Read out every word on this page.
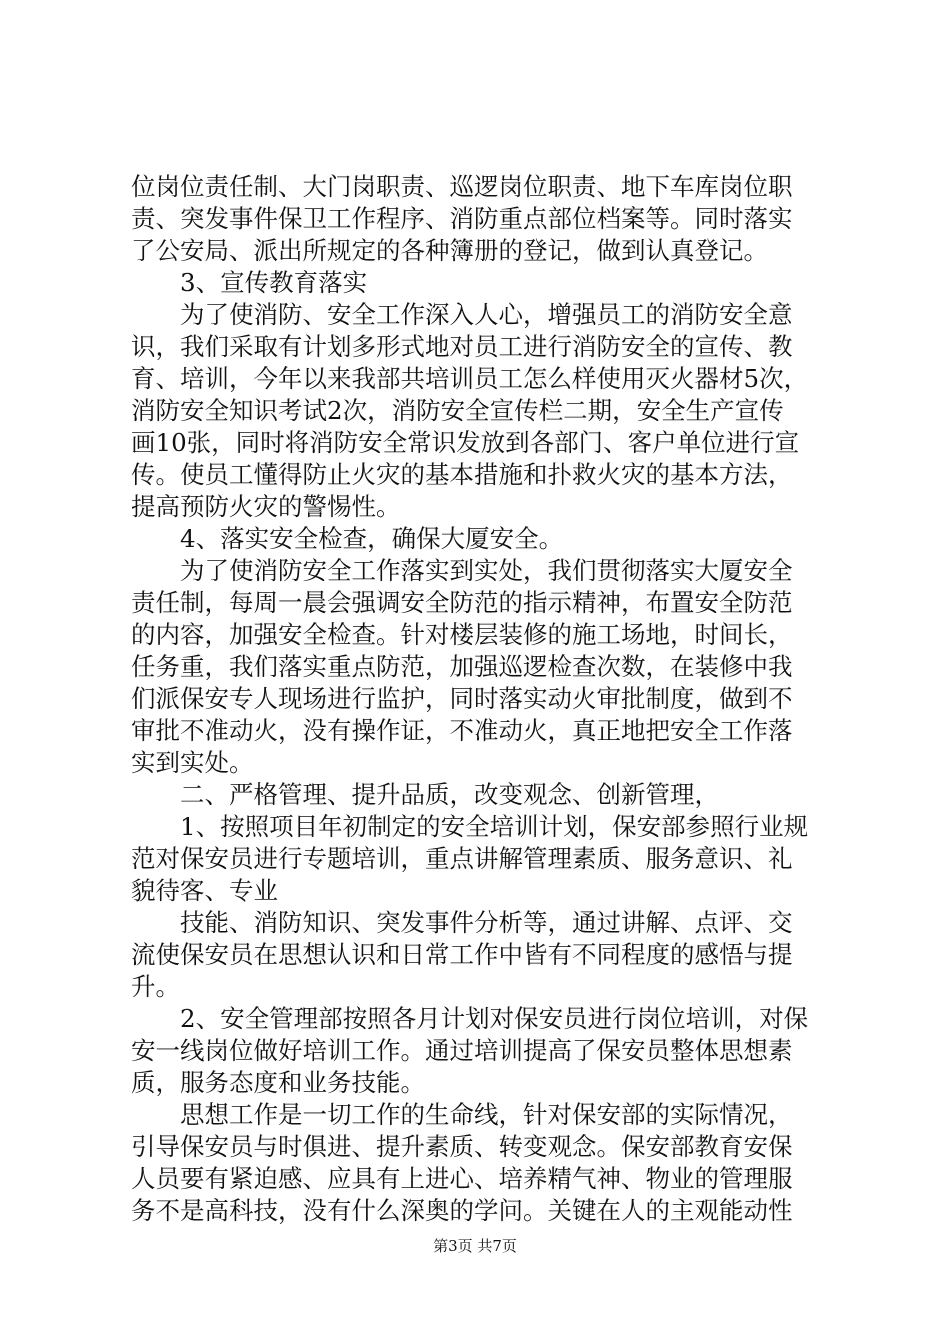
位岗位责任制、大门岗职责、巡逻岗位职责、地下车库岗位职
责、突发事件保卫工作程序、消防重点部位档案等。同时落实
了公安局、派出所规定的各种簿册的登记，做到认真登记。
　　3、宣传教育落实
　　为了使消防、安全工作深入人心，增强员工的消防安全意
识，我们采取有计划多形式地对员工进行消防安全的宣传、教
育、培训，今年以来我部共培训员工怎么样使用灭火器材5次，
消防安全知识考试2次，消防安全宣传栏二期，安全生产宣传
画10张，同时将消防安全常识发放到各部门、客户单位进行宣
传。使员工懂得防止火灾的基本措施和扑救火灾的基本方法，
提高预防火灾的警惕性。
　　4、落实安全检查，确保大厦安全。
　　为了使消防安全工作落实到实处，我们贯彻落实大厦安全
责任制，每周一晨会强调安全防范的指示精神，布置安全防范
的内容，加强安全检查。针对楼层装修的施工场地，时间长，
任务重，我们落实重点防范，加强巡逻检查次数，在装修中我
们派保安专人现场进行监护，同时落实动火审批制度，做到不
审批不准动火，没有操作证，不准动火，真正地把安全工作落
实到实处。
　　二、严格管理、提升品质，改变观念、创新管理，
　　1、按照项目年初制定的安全培训计划，保安部参照行业规
范对保安员进行专题培训，重点讲解管理素质、服务意识、礼
貌待客、专业
　　技能、消防知识、突发事件分析等，通过讲解、点评、交
流使保安员在思想认识和日常工作中皆有不同程度的感悟与提
升。
　　2、安全管理部按照各月计划对保安员进行岗位培训，对保
安一线岗位做好培训工作。通过培训提高了保安员整体思想素
质，服务态度和业务技能。
　　思想工作是一切工作的生命线，针对保安部的实际情况，
引导保安员与时俱进、提升素质、转变观念。保安部教育安保
人员要有紧迫感、应具有上进心、培养精气神、物业的管理服
务不是高科技，没有什么深奥的学问。关键在人的主观能动性
第3页 共7页
